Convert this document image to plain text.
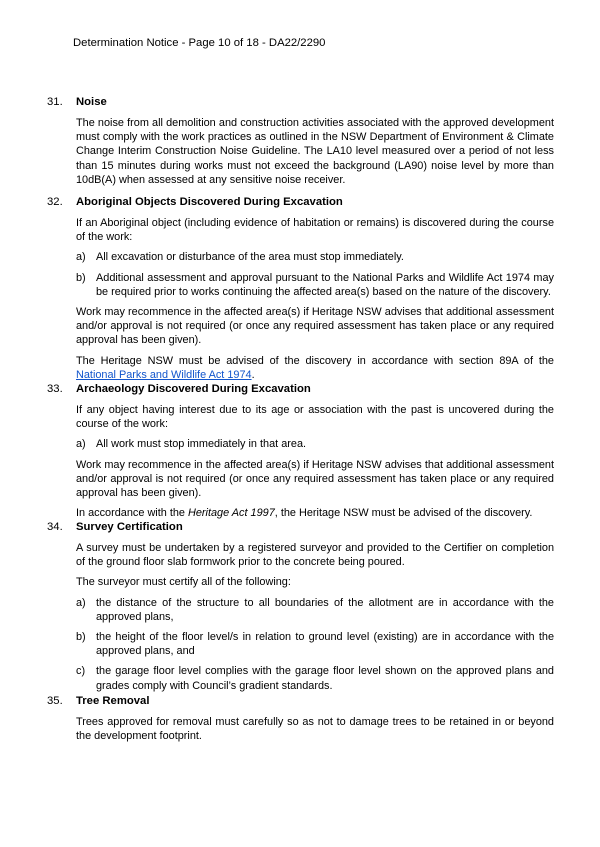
Determination Notice - Page 10 of 18 - DA22/2290
31.	Noise
The noise from all demolition and construction activities associated with the approved development must comply with the work practices as outlined in the NSW Department of Environment & Climate Change Interim Construction Noise Guideline. The LA10 level measured over a period of not less than 15 minutes during works must not exceed the background (LA90) noise level by more than 10dB(A) when assessed at any sensitive noise receiver.
32.	Aboriginal Objects Discovered During Excavation
If an Aboriginal object (including evidence of habitation or remains) is discovered during the course of the work:
a) All excavation or disturbance of the area must stop immediately.
b) Additional assessment and approval pursuant to the National Parks and Wildlife Act 1974 may be required prior to works continuing the affected area(s) based on the nature of the discovery.
Work may recommence in the affected area(s) if Heritage NSW advises that additional assessment and/or approval is not required (or once any required assessment has taken place or any required approval has been given).
The Heritage NSW must be advised of the discovery in accordance with section 89A of the National Parks and Wildlife Act 1974.
33.	Archaeology Discovered During Excavation
If any object having interest due to its age or association with the past is uncovered during the course of the work:
a) All work must stop immediately in that area.
Work may recommence in the affected area(s) if Heritage NSW advises that additional assessment and/or approval is not required (or once any required assessment has taken place or any required approval has been given).
In accordance with the Heritage Act 1997, the Heritage NSW must be advised of the discovery.
34.	Survey Certification
A survey must be undertaken by a registered surveyor and provided to the Certifier on completion of the ground floor slab formwork prior to the concrete being poured.
The surveyor must certify all of the following:
a) the distance of the structure to all boundaries of the allotment are in accordance with the approved plans,
b) the height of the floor level/s in relation to ground level (existing) are in accordance with the approved plans, and
c)	the garage floor level complies with the garage floor level shown on the approved plans and grades comply with Council’s gradient standards.
35.	Tree Removal
Trees approved for removal must carefully so as not to damage trees to be retained in or beyond the development footprint.
